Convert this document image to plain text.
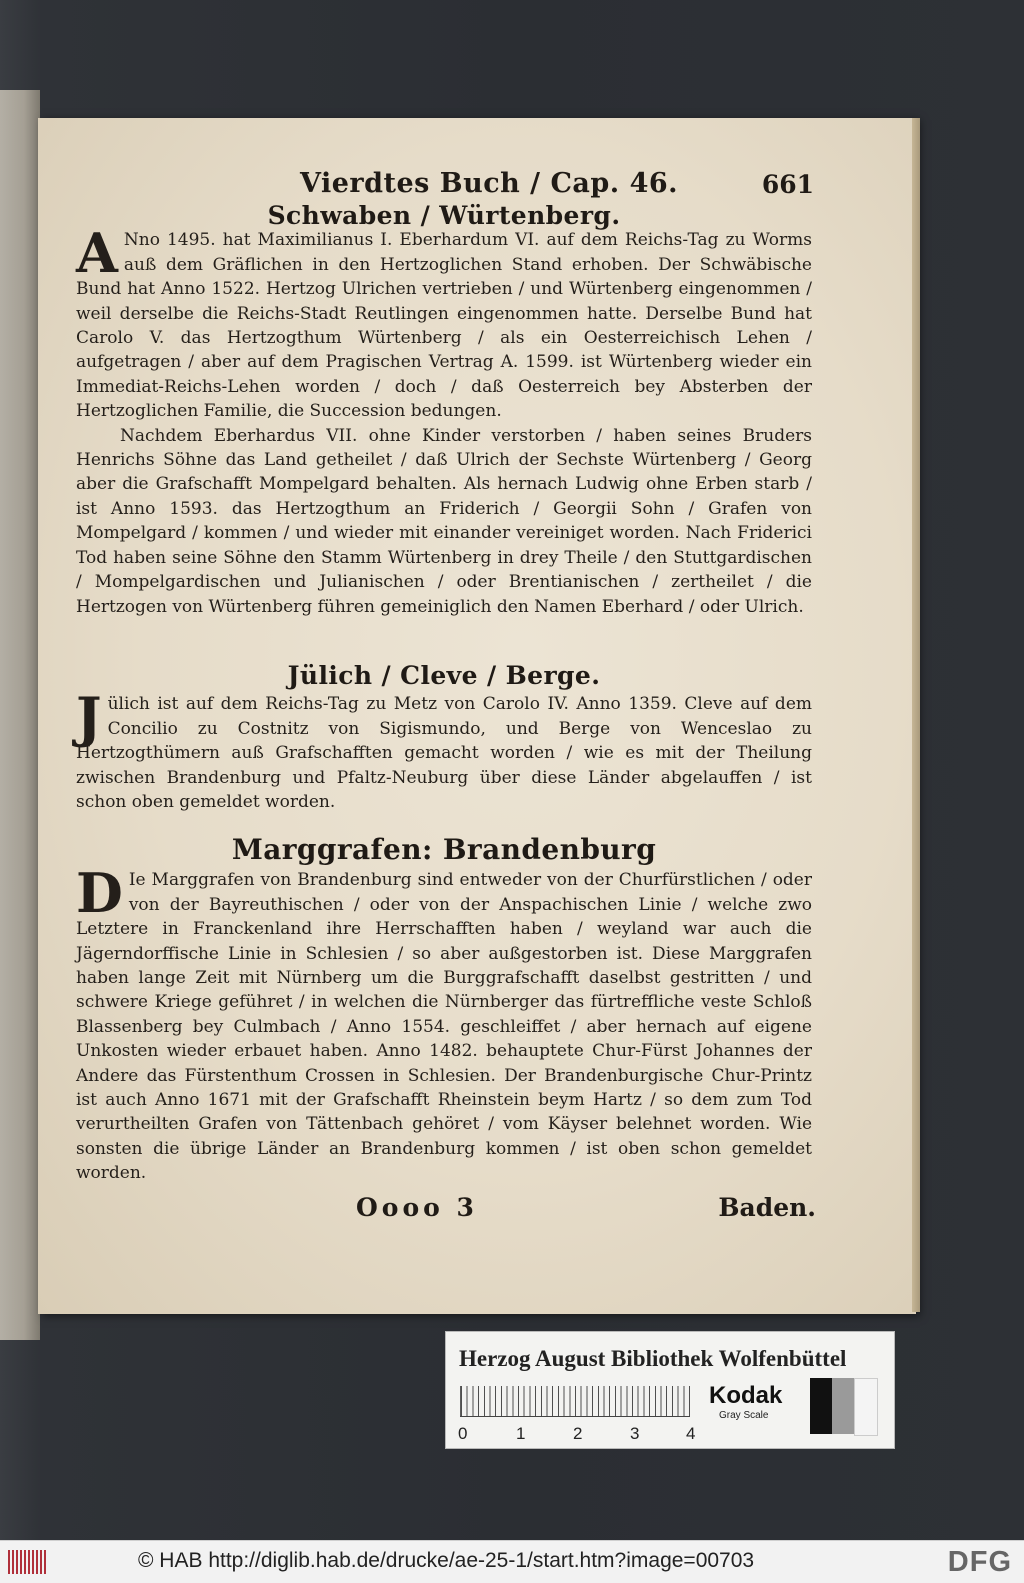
Vierdtes Buch / Cap. 46.	661
Schwaben / Würtenberg.

ANno 1495. hat Maximilianus I. Eberhardum VI. auf dem Reichs-Tag zu Worms auß dem Gräflichen in den Hertzoglichen Stand erhoben. Der Schwäbische Bund hat Anno 1522. Hertzog Ulrichen vertrieben / und Würtenberg eingenommen / weil derselbe die Reichs-Stadt Reutlingen eingenommen hatte. Derselbe Bund hat Carolo V. das Hertzogthum Würtenberg / als ein Oesterreichisch Lehen / aufgetragen / aber auf dem Pragischen Vertrag A. 1599. ist Würtenberg wieder ein Immediat-Reichs-Lehen worden / doch / daß Oesterreich bey Absterben der Hertzoglichen Familie, die Succession bedungen.

Nachdem Eberhardus VII. ohne Kinder verstorben / haben seines Bruders Henrichs Söhne das Land getheilet / daß Ulrich der Sechste Würtenberg / Georg aber die Grafschafft Mompelgard behalten. Als hernach Ludwig ohne Erben starb / ist Anno 1593. das Hertzogthum an Friderich / Georgii Sohn / Grafen von Mompelgard / kommen / und wieder mit einander vereiniget worden. Nach Friderici Tod haben seine Söhne den Stamm Würtenberg in drey Theile / den Stuttgardischen / Mompelgardischen und Julianischen / oder Brentianischen / zertheilet / die Hertzogen von Würtenberg führen gemeiniglich den Namen Eberhard / oder Ulrich.

Jülich / Cleve / Berge.

Jülich ist auf dem Reichs-Tag zu Metz von Carolo IV. Anno 1359. Cleve auf dem Concilio zu Costnitz von Sigismundo, und Berge von Wenceslao zu Hertzogthümern auß Grafschafften gemacht worden / wie es mit der Theilung zwischen Brandenburg und Pfaltz-Neuburg über diese Länder abgelauffen / ist schon oben gemeldet worden.

Marggrafen: Brandenburg

DIe Marggrafen von Brandenburg sind entweder von der Churfürstlichen / oder von der Bayreuthischen / oder von der Anspachischen Linie / welche zwo Letztere in Franckenland ihre Herrschafften haben / weyland war auch die Jägerndorffische Linie in Schlesien / so aber außgestorben ist. Diese Marggrafen haben lange Zeit mit Nürnberg um die Burggrafschafft daselbst gestritten / und schwere Kriege geführet / in welchen die Nürnberger das fürtreffliche veste Schloß Blassenberg bey Culmbach / Anno 1554. geschleiffet / aber hernach auf eigene Unkosten wieder erbauet haben. Anno 1482. behauptete Chur-Fürst Johannes der Andere das Fürstenthum Crossen in Schlesien. Der Brandenburgische Chur-Printz ist auch Anno 1671 mit der Grafschafft Rheinstein beym Hartz / so dem zum Tod verurtheilten Grafen von Tättenbach gehöret / vom Käyser belehnet worden. Wie sonsten die übrige Länder an Brandenburg kommen / ist oben schon gemeldet worden.

Oooo 3	Baden.
Herzog August Bibliothek Wolfenbüttel
0	1	2	3	4
Kodak
Gray Scale
© HAB http://diglib.hab.de/drucke/ae-25-1/start.htm?image=00703	DFG
